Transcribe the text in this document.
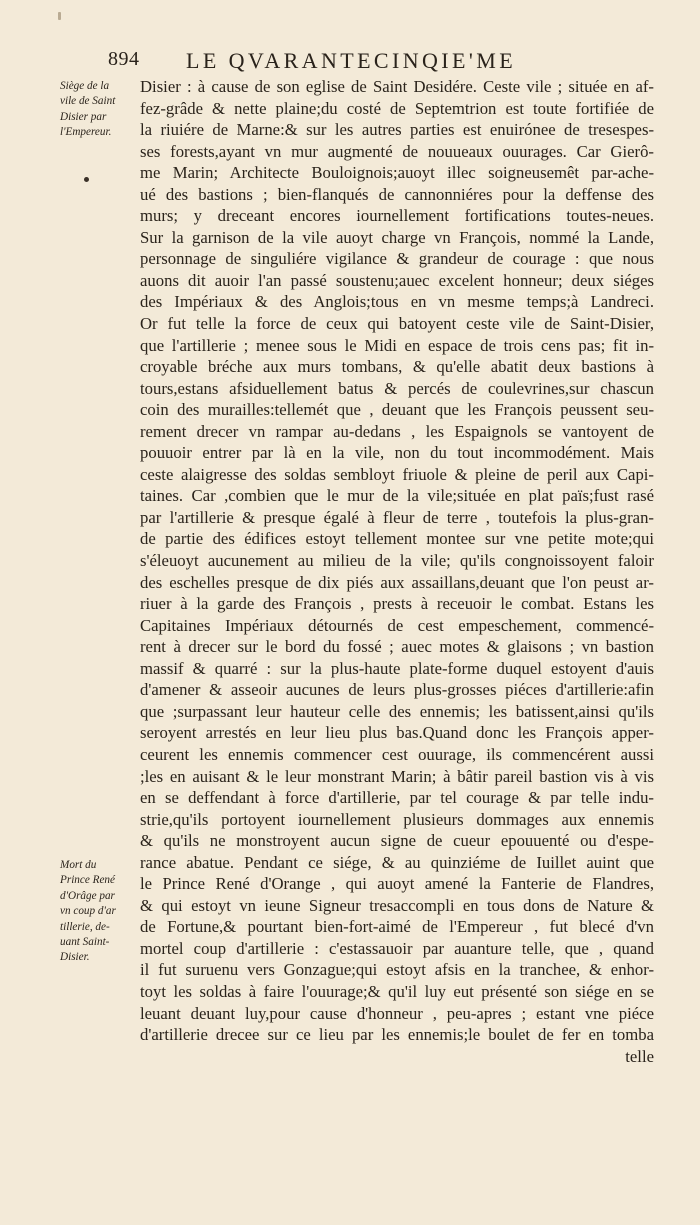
894 LE QVARANTECINQIE'ME
Siège de la
vile de Saint
Disier par
l'Empereur.
Mort du
Prince René
d'Orâge par
vn coup d'ar
tillerie, de-
uant Saint-
Disier.
Disier : à cause de son eglise de Saint Desidére. Ceste vile ; située en af-
fez-grâde & nette plaine;du costé de Septemtrion est toute fortifiée de
la riuiére de Marne:& sur les autres parties est enuirónee de tresespes-
ses forests,ayant vn mur augmenté de nouueaux ouurages. Car Gierô-
me Marin; Architecte Bouloignois;auoyt illec soigneusemêt par-ache-
ué des bastions ; bien-flanqués de cannonniéres pour la deffense des
murs; y dreceant encores iournellement fortifications toutes-neues.
Sur la garnison de la vile auoyt charge vn François, nommé la Lande,
personnage de singuliére vigilance & grandeur de courage : que nous
auons dit auoir l'an passé soustenu;auec excelent honneur; deux siéges
des Impériaux & des Anglois;tous en vn mesme temps;à Landreci.
Or fut telle la force de ceux qui batoyent ceste vile de Saint-Disier,
que l'artillerie ; menee sous le Midi en espace de trois cens pas; fit in-
croyable bréche aux murs tombans, & qu'elle abatit deux bastions à
tours,estans afsiduellement batus & percés de coulevrines,sur chascun
coin des murailles:tellemét que , deuant que les François peussent seu-
rement drecer vn rampar au-dedans , les Espaignols se vantoyent de
pouuoir entrer par là en la vile, non du tout incommodément. Mais
ceste alaigresse des soldas sembloyt friuole & pleine de peril aux Capi-
taines. Car ,combien que le mur de la vile;située en plat païs;fust rasé
par l'artillerie & presque égalé à fleur de terre , toutefois la plus-gran-
de partie des édifices estoyt tellement montee sur vne petite mote;qui
s'éleuoyt aucunement au milieu de la vile; qu'ils congnoissoyent faloir
des eschelles presque de dix piés aux assaillans,deuant que l'on peust ar-
riuer à la garde des François , prests à receuoir le combat. Estans les
Capitaines Impériaux détournés de cest empeschement, commencé-
rent à drecer sur le bord du fossé ; auec motes & glaisons ; vn bastion
massif & quarré : sur la plus-haute plate-forme duquel estoyent d'auis
d'amener & asseoir aucunes de leurs plus-grosses piéces d'artillerie:afin
que ;surpassant leur hauteur celle des ennemis; les batissent,ainsi qu'ils
seroyent arrestés en leur lieu plus bas.Quand donc les François apper-
ceurent les ennemis commencer cest ouurage, ils commencérent aussi
;les en auisant & le leur monstrant Marin; à bâtir pareil bastion vis à vis
en se deffendant à force d'artillerie, par tel courage & par telle indu-
strie,qu'ils portoyent iournellement plusieurs dommages aux ennemis
& qu'ils ne monstroyent aucun signe de cueur epouuenté ou d'espe-
rance abatue. Pendant ce siége, & au quinziéme de Iuillet auint que
le Prince René d'Orange , qui auoyt amené la Fanterie de Flandres,
& qui estoyt vn ieune Signeur tresaccompli en tous dons de Nature &
de Fortune,& pourtant bien-fort-aimé de l'Empereur , fut blecé d'vn
mortel coup d'artillerie : c'estassauoir par auanture telle, que , quand
il fut suruenu vers Gonzague;qui estoyt afsis en la tranchee, & enhor-
toyt les soldas à faire l'ouurage;& qu'il luy eut présenté son siége en se
leuant deuant luy,pour cause d'honneur , peu-apres ; estant vne piéce
d'artillerie drecee sur ce lieu par les ennemis;le boulet de fer en tomba
telle
